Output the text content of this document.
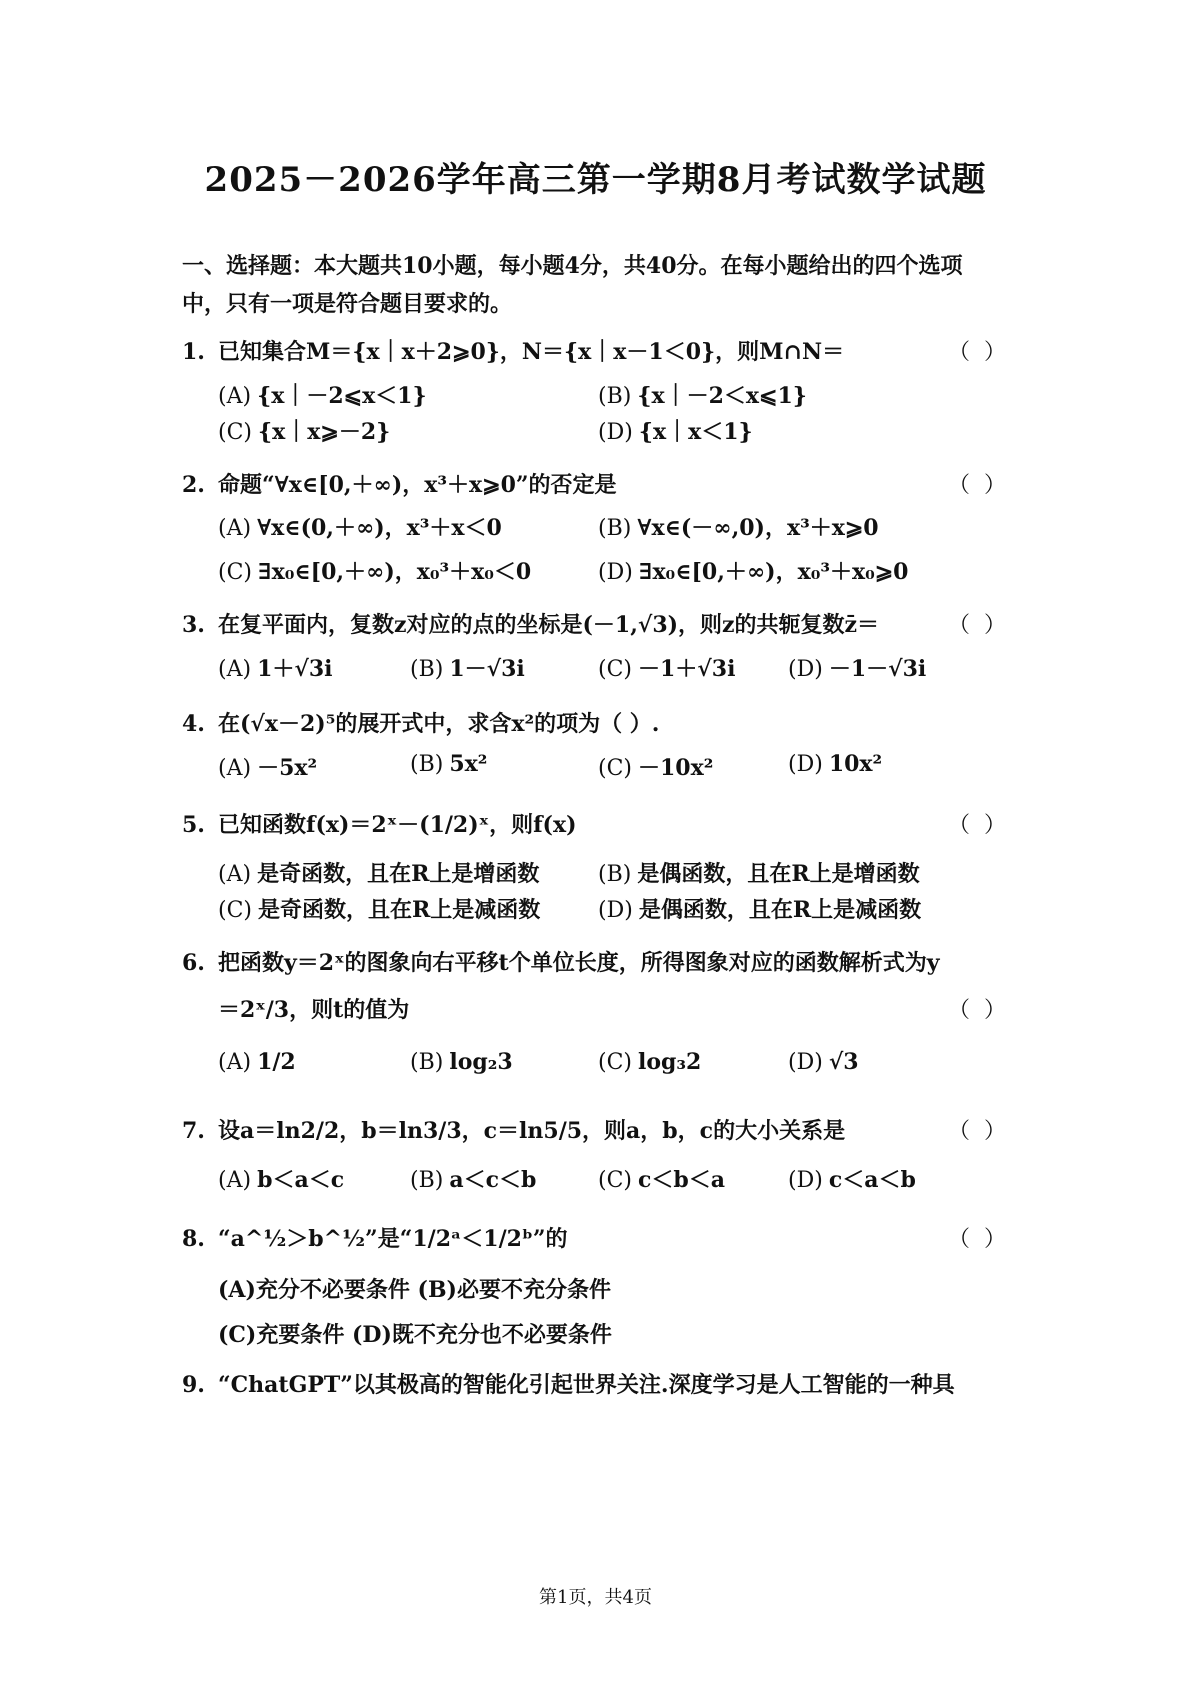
2025－2026学年高三第一学期8月考试数学试题
一、选择题：本大题共10小题，每小题4分，共40分。在每小题给出的四个选项
中，只有一项是符合题目要求的。
1. 已知集合M＝{x｜x＋2⩾0}，N＝{x｜x－1＜0}，则M∩N＝	（ ）
(A) {x｜－2⩽x＜1}	(B) {x｜－2＜x⩽1}
(C) {x｜x⩾－2}	(D) {x｜x＜1}
2. 命题“∀x∈[0,＋∞)，x³＋x⩾0”的否定是	（ ）
(A) ∀x∈(0,＋∞)，x³＋x＜0	(B) ∀x∈(－∞,0)，x³＋x⩾0
(C) ∃x₀∈[0,＋∞)，x₀³＋x₀＜0	(D) ∃x₀∈[0,＋∞)，x₀³＋x₀⩾0
3. 在复平面内，复数z对应的点的坐标是(－1,√3)，则z的共轭复数z̄＝	（ ）
(A) 1＋√3i	(B) 1－√3i	(C) －1＋√3i (D) －1－√3i
4. 在(√x－2)⁵的展开式中，求含x²的项为（ ）.
(A) －5x²	(B) 5x²	(C) －10x²	(D) 10x²
5. 已知函数f(x)＝2ˣ－(1/2)ˣ，则f(x)	（ ）
(A) 是奇函数，且在R上是增函数	(B) 是偶函数，且在R上是增函数
(C) 是奇函数，且在R上是减函数	(D) 是偶函数，且在R上是减函数
6. 把函数y＝2ˣ的图象向右平移t个单位长度，所得图象对应的函数解析式为y
＝2ˣ/3，则t的值为	（ ）
(A) 1/2	(B) log₂3	(C) log₃2	(D) √3
7. 设a＝ln2/2，b＝ln3/3，c＝ln5/5，则a，b，c的大小关系是	（ ）
(A) b＜a＜c	(B) a＜c＜b	(C) c＜b＜a	(D) c＜a＜b
8. “a^½＞b^½”是“1/2ᵃ＜1/2ᵇ”的	（ ）
(A)充分不必要条件 (B)必要不充分条件
(C)充要条件 (D)既不充分也不必要条件
9. “ChatGPT”以其极高的智能化引起世界关注.深度学习是人工智能的一种具
第1页，共4页
